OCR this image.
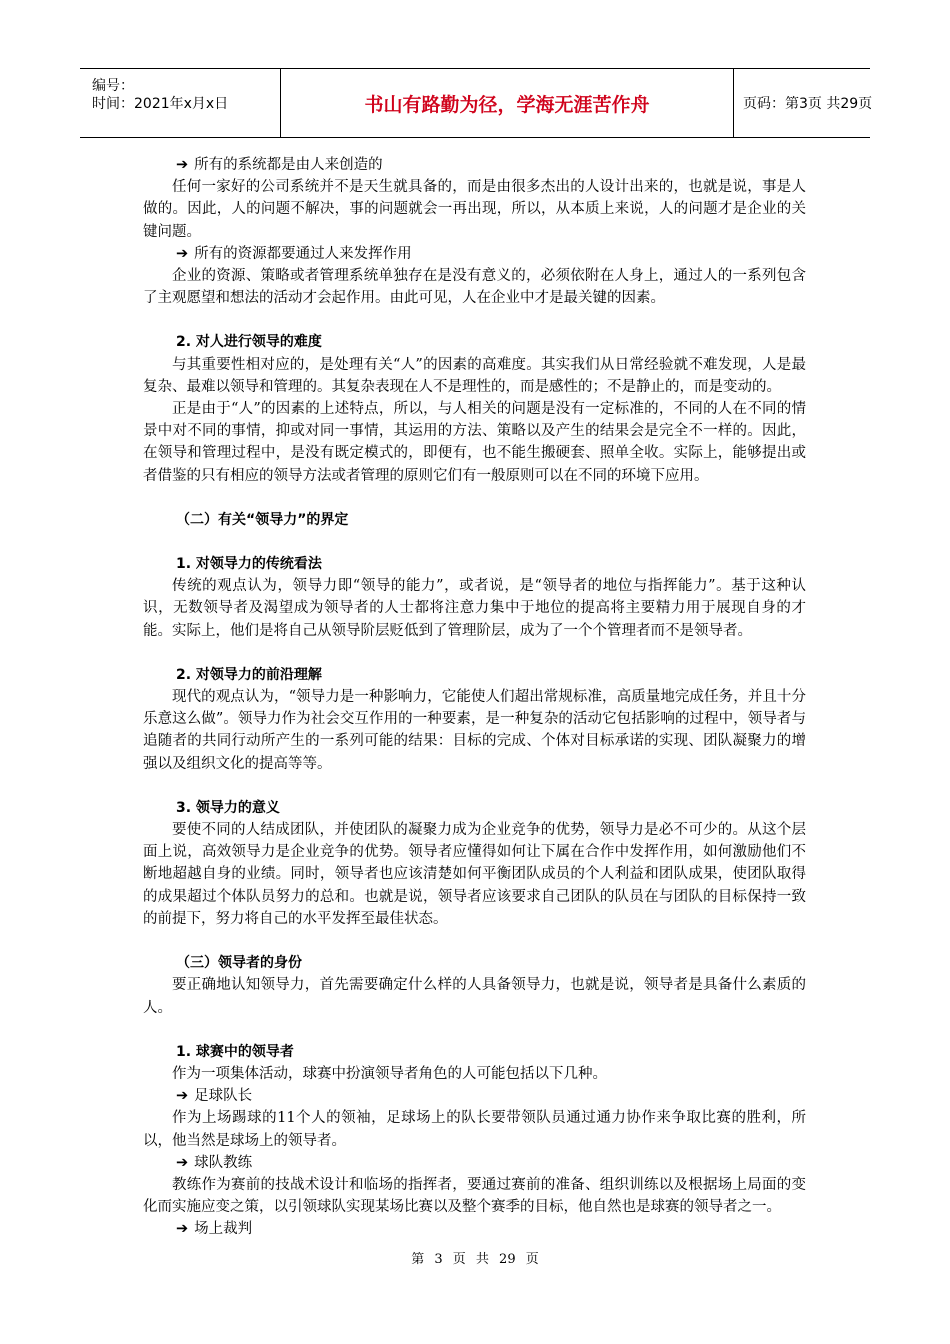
编号：
时间：2021年x月x日	书山有路勤为径，学海无涯苦作舟	页码：第3页 共29页

➔ 所有的系统都是由人来创造的

任何一家好的公司系统并不是天生就具备的，而是由很多杰出的人设计出来的，也就是说，事是人做的。因此，人的问题不解决，事的问题就会一再出现，所以，从本质上来说，人的问题才是企业的关键问题。

➔ 所有的资源都要通过人来发挥作用

企业的资源、策略或者管理系统单独存在是没有意义的，必须依附在人身上，通过人的一系列包含了主观愿望和想法的活动才会起作用。由此可见，人在企业中才是最关键的因素。

2. 对人进行领导的难度

与其重要性相对应的，是处理有关“人”的因素的高难度。其实我们从日常经验就不难发现，人是最复杂、最难以领导和管理的。其复杂表现在人不是理性的，而是感性的；不是静止的，而是变动的。

正是由于“人”的因素的上述特点，所以，与人相关的问题是没有一定标准的，不同的人在不同的情景中对不同的事情，抑或对同一事情，其运用的方法、策略以及产生的结果会是完全不一样的。因此，在领导和管理过程中，是没有既定模式的，即便有，也不能生搬硬套、照单全收。实际上，能够提出或者借鉴的只有相应的领导方法或者管理的原则它们有一般原则可以在不同的环境下应用。

（二）有关“领导力”的界定

1. 对领导力的传统看法

传统的观点认为，领导力即“领导的能力”，或者说，是“领导者的地位与指挥能力”。基于这种认识，无数领导者及渴望成为领导者的人士都将注意力集中于地位的提高将主要精力用于展现自身的才能。实际上，他们是将自己从领导阶层贬低到了管理阶层，成为了一个个管理者而不是领导者。

2. 对领导力的前沿理解

现代的观点认为，“领导力是一种影响力，它能使人们超出常规标准，高质量地完成任务，并且十分乐意这么做”。领导力作为社会交互作用的一种要素，是一种复杂的活动它包括影响的过程中，领导者与追随者的共同行动所产生的一系列可能的结果：目标的完成、个体对目标承诺的实现、团队凝聚力的增强以及组织文化的提高等等。

3. 领导力的意义

要使不同的人结成团队，并使团队的凝聚力成为企业竞争的优势，领导力是必不可少的。从这个层面上说，高效领导力是企业竞争的优势。领导者应懂得如何让下属在合作中发挥作用，如何激励他们不断地超越自身的业绩。同时，领导者也应该清楚如何平衡团队成员的个人利益和团队成果，使团队取得的成果超过个体队员努力的总和。也就是说，领导者应该要求自己团队的队员在与团队的目标保持一致的前提下，努力将自己的水平发挥至最佳状态。

（三）领导者的身份

要正确地认知领导力，首先需要确定什么样的人具备领导力，也就是说，领导者是具备什么素质的人。

1. 球赛中的领导者

作为一项集体活动，球赛中扮演领导者角色的人可能包括以下几种。

➔ 足球队长

作为上场踢球的11个人的领袖，足球场上的队长要带领队员通过通力协作来争取比赛的胜利，所以，他当然是球场上的领导者。

➔ 球队教练

教练作为赛前的技战术设计和临场的指挥者，要通过赛前的准备、组织训练以及根据场上局面的变化而实施应变之策，以引领球队实现某场比赛以及整个赛季的目标，他自然也是球赛的领导者之一。

➔ 场上裁判

第 3 页 共 29 页
